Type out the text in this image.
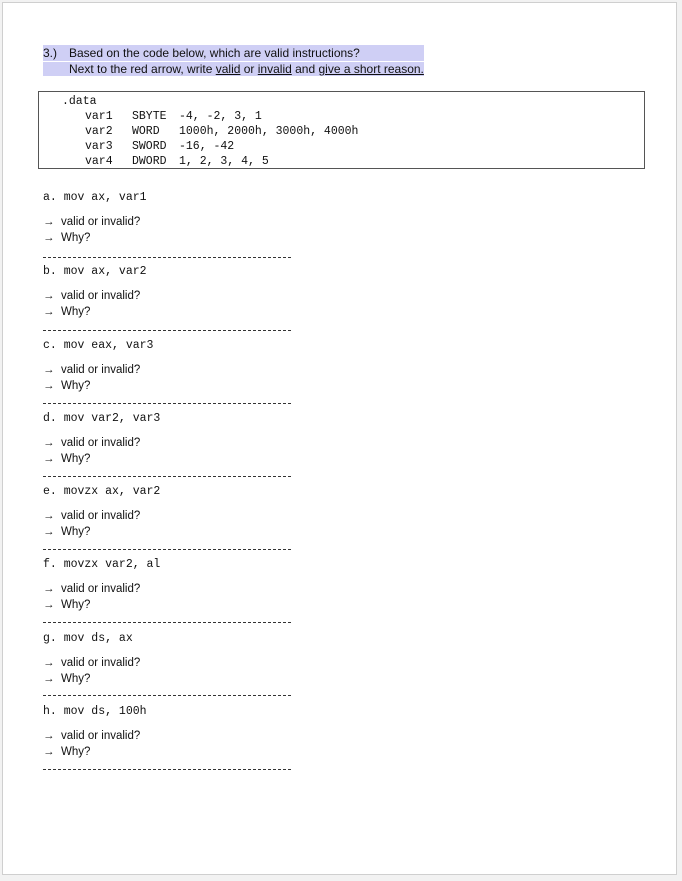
3.) Based on the code below, which are valid instructions?
Next to the red arrow, write valid or invalid and give a short reason.
.data
var1 SBYTE -4, -2, 3, 1
var2 WORD 1000h, 2000h, 3000h, 4000h
var3 SWORD -16, -42
var4 DWORD 1, 2, 3, 4, 5
a. mov ax, var1
→ valid or invalid?
→ Why?
b. mov ax, var2
→ valid or invalid?
→ Why?
c. mov eax, var3
→ valid or invalid?
→ Why?
d. mov var2, var3
→ valid or invalid?
→ Why?
e. movzx ax, var2
→ valid or invalid?
→ Why?
f. movzx var2, al
→ valid or invalid?
→ Why?
g. mov ds, ax
→ valid or invalid?
→ Why?
h. mov ds, 100h
→ valid or invalid?
→ Why?
